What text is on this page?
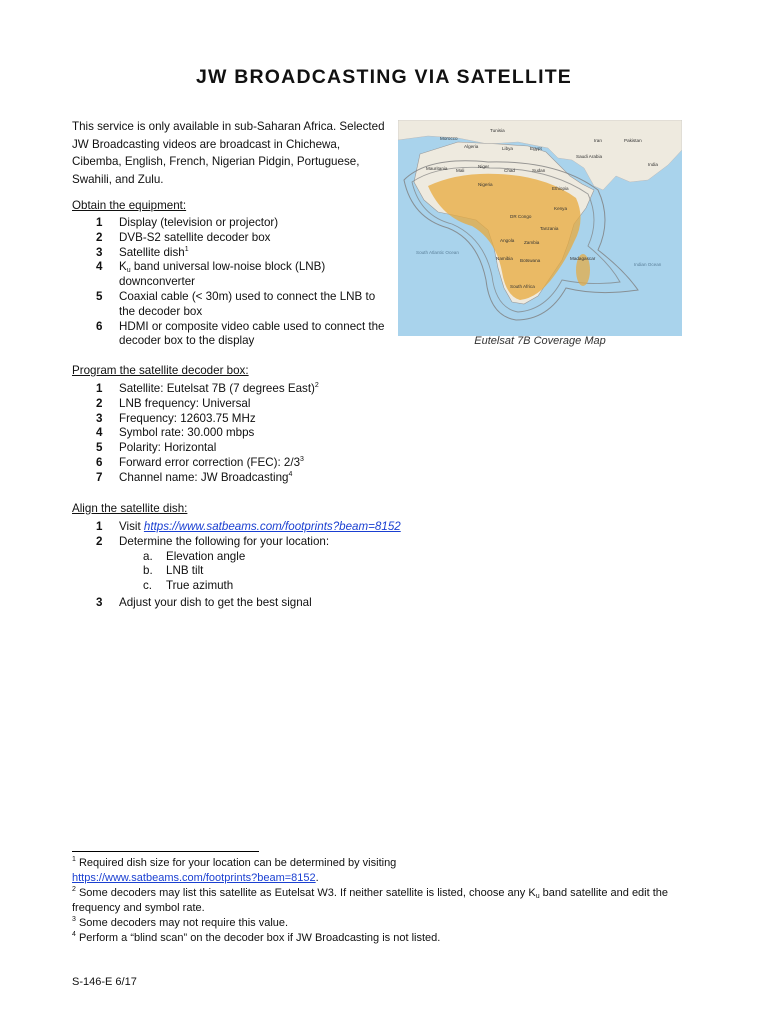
JW BROADCASTING VIA SATELLITE
This service is only available in sub-Saharan Africa. Selected JW Broadcasting videos are broadcast in Chichewa, Cibemba, English, French, Nigerian Pidgin, Portuguese, Swahili, and Zulu.
Obtain the equipment:
1 Display (television or projector)
2 DVB-S2 satellite decoder box
3 Satellite dish$^1$
4 $K_u$ band universal low-noise block (LNB) downconverter
5 Coaxial cable (< 30m) used to connect the LNB to the decoder box
6 HDMI or composite video cable used to connect the decoder box to the display
Program the satellite decoder box:
1 Satellite: Eutelsat 7B (7 degrees East)$^2$
2 LNB frequency: Universal
3 Frequency: 12603.75 MHz
4 Symbol rate: 30.000 mbps
5 Polarity: Horizontal
6 Forward error correction (FEC): $2/3^3$
7 Channel name: JW Broadcasting$^4$
Align the satellite dish:
1 Visit https://www.satbeams.com/footprints?beam=8152
2 Determine the following for your location:
a. Elevation angle
b. LNB tilt
c. True azimuth
3 Adjust your dish to get the best signal
Morocco
Tunisia
Algeria	Libya	Egypt
Saudi Arabia
Iran	Pakistan
India
Mauritania Mali
Niger
Chad	Sudan
Ethiopia
Nigeria
DR Congo
Kenya
Tanzania
Angola Zambia
Namibia Botswana
South Africa
Madagascar
South Atlantic Ocean
Indian Ocean
Eutelsat 7B Coverage Map
$^1$ Required dish size for your location can be determined by visiting
https://www.satbeams.com/footprints?beam=8152.
$^2$ Some decoders may list this satellite as Eutelsat W3. If neither satellite is listed, choose any $K_u$ band satellite and edit the frequency and symbol rate.
$^3$ Some decoders may not require this value.
$^4$ Perform a “blind scan” on the decoder box if JW Broadcasting is not listed.
S-146-E 6/17
